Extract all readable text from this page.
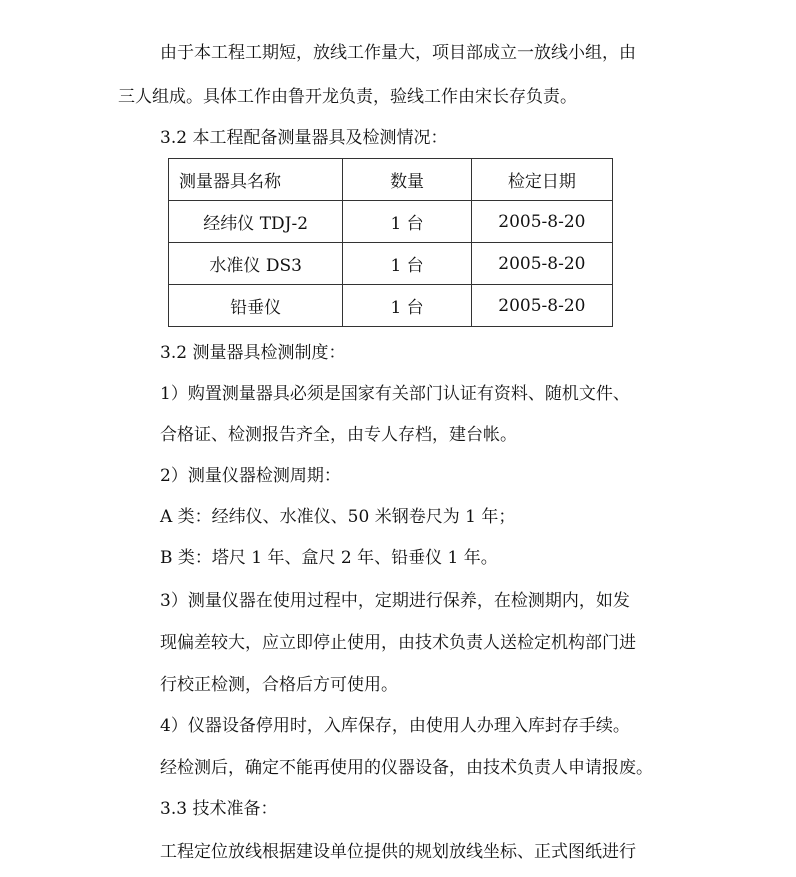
由于本工程工期短，放线工作量大，项目部成立一放线小组，由
三人组成。具体工作由鲁开龙负责，验线工作由宋长存负责。
3.2 本工程配备测量器具及检测情况：
测量器具名称	数量	检定日期
经纬仪 TDJ-2	1 台	2005-8-20
水准仪 DS3	1 台	2005-8-20
铅垂仪	1 台	2005-8-20
3.2 测量器具检测制度：
1）购置测量器具必须是国家有关部门认证有资料、随机文件、
合格证、检测报告齐全，由专人存档，建台帐。
2）测量仪器检测周期：
A 类：经纬仪、水准仪、50 米钢卷尺为 1 年；
B 类：塔尺 1 年、盒尺 2 年、铅垂仪 1 年。
3）测量仪器在使用过程中，定期进行保养，在检测期内，如发
现偏差较大，应立即停止使用，由技术负责人送检定机构部门进
行校正检测，合格后方可使用。
4）仪器设备停用时，入库保存，由使用人办理入库封存手续。
经检测后，确定不能再使用的仪器设备，由技术负责人申请报废。
3.3 技术准备：
工程定位放线根据建设单位提供的规划放线坐标、正式图纸进行
